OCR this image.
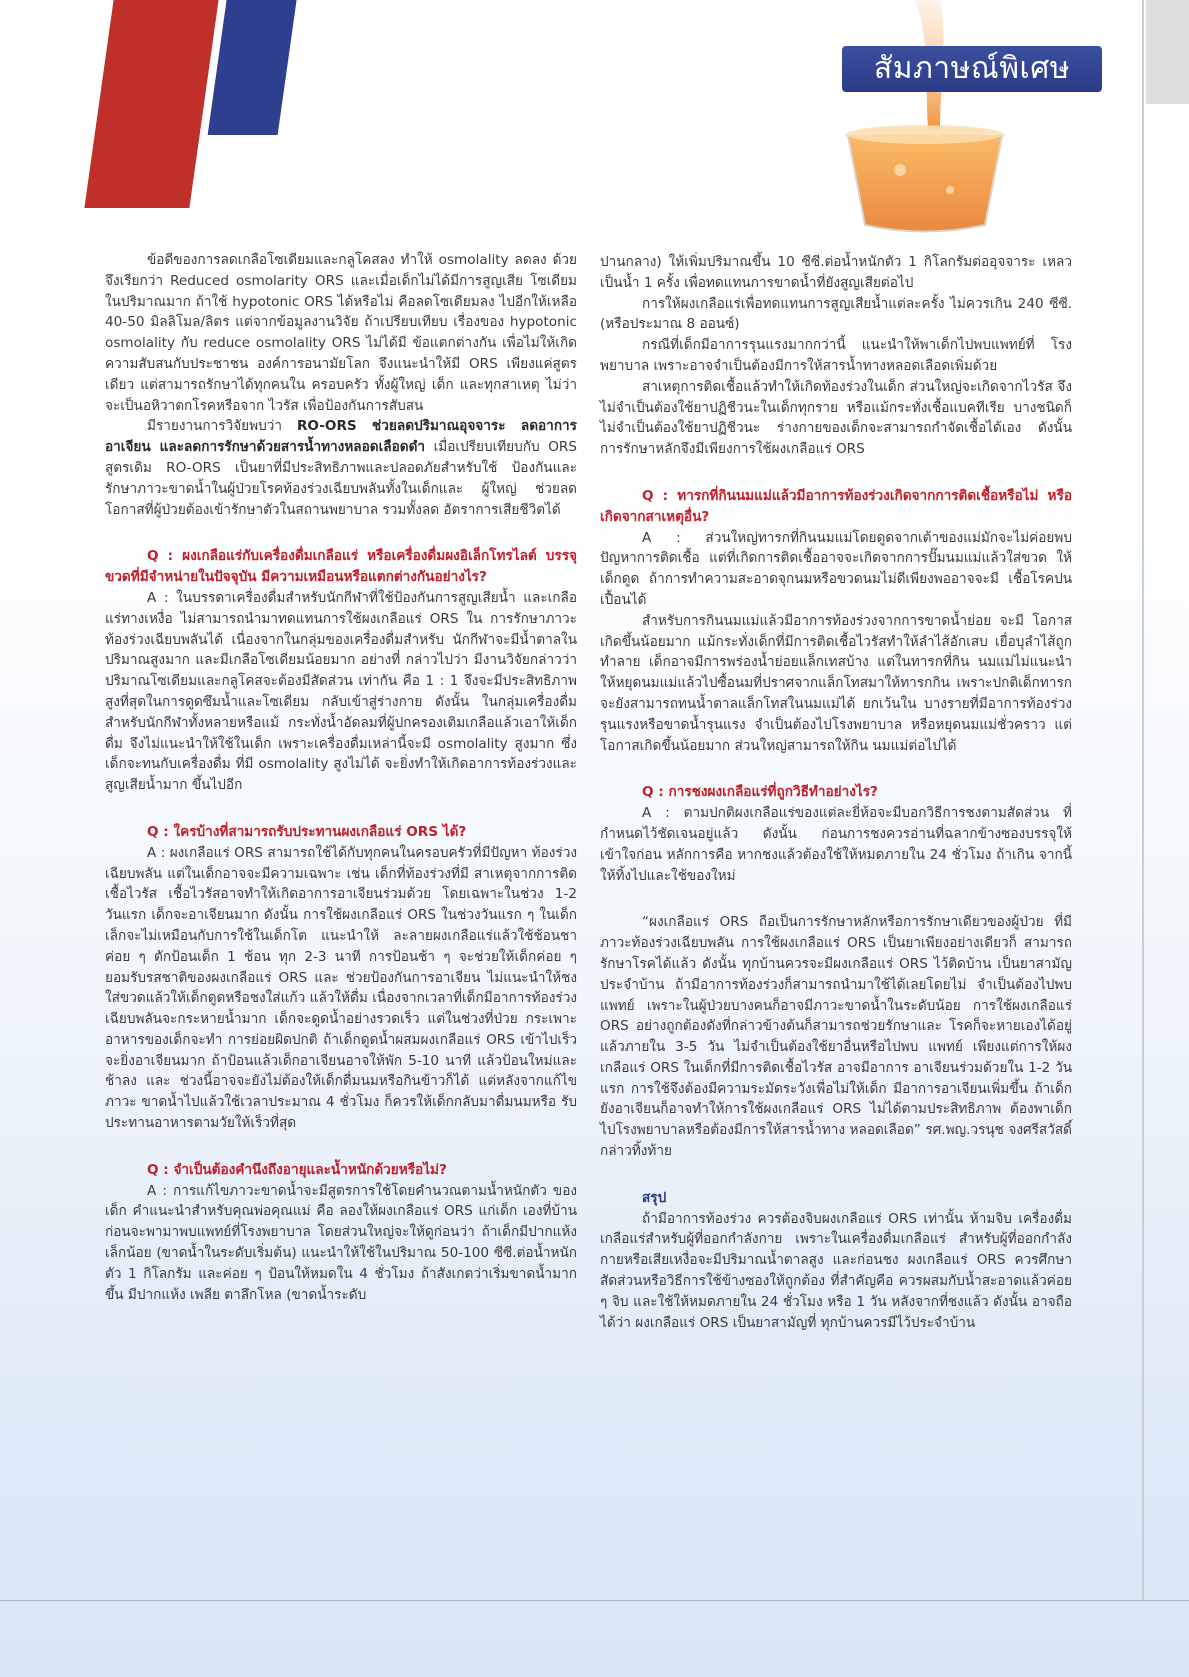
สัมภาษณ์พิเศษ

ข้อดีของการลดเกลือโซเดียมและกลูโคสลง ทำให้ osmolality ลดลง ด้วย จึงเรียกว่า Reduced osmolarity ORS และเมื่อเด็กไม่ได้มีการสูญเสีย โซเดียมในปริมาณมาก ถ้าใช้ hypotonic ORS ได้หรือไม่ คือลดโซเดียมลง ไปอีกให้เหลือ 40-50 มิลลิโมล/ลิตร แต่จากข้อมูลงานวิจัย ถ้าเปรียบเทียบ เรื่องของ hypotonic osmolality กับ reduce osmolality ORS ไม่ได้มี ข้อแตกต่างกัน เพื่อไม่ให้เกิดความสับสนกับประชาชน องค์การอนามัยโลก จึงแนะนำให้มี ORS เพียงแค่สูตรเดียว แต่สามารถรักษาได้ทุกคนใน ครอบครัว ทั้งผู้ใหญ่ เด็ก และทุกสาเหตุ ไม่ว่าจะเป็นอหิวาตกโรคหรือจาก ไวรัส เพื่อป้องกันการสับสน

มีรายงานการวิจัยพบว่า RO-ORS ช่วยลดปริมาณอุจจาระ ลดอาการ อาเจียน และลดการรักษาด้วยสารน้ำทางหลอดเลือดดำ เมื่อเปรียบเทียบกับ ORS สูตรเดิม RO-ORS เป็นยาที่มีประสิทธิภาพและปลอดภัยสำหรับใช้ ป้องกันและรักษาภาวะขาดน้ำในผู้ป่วยโรคท้องร่วงเฉียบพลันทั้งในเด็กและ ผู้ใหญ่ ช่วยลดโอกาสที่ผู้ป่วยต้องเข้ารักษาตัวในสถานพยาบาล รวมทั้งลด อัตราการเสียชีวิตได้

Q : ผงเกลือแร่กับเครื่องดื่มเกลือแร่ หรือเครื่องดื่มผงอิเล็กโทรไลต์ บรรจุขวดที่มีจำหน่ายในปัจจุบัน มีความเหมือนหรือแตกต่างกันอย่างไร?

A : ในบรรดาเครื่องดื่มสำหรับนักกีฬาที่ใช้ป้องกันการสูญเสียน้ำ และเกลือแร่ทางเหงื่อ ไม่สามารถนำมาทดแทนการใช้ผงเกลือแร่ ORS ใน การรักษาภาวะท้องร่วงเฉียบพลันได้ เนื่องจากในกลุ่มของเครื่องดื่มสำหรับ นักกีฬาจะมีน้ำตาลในปริมาณสูงมาก และมีเกลือโซเดียมน้อยมาก อย่างที่ กล่าวไปว่า มีงานวิจัยกล่าวว่า ปริมาณโซเดียมและกลูโคสจะต้องมีสัดส่วน เท่ากัน คือ 1 : 1 จึงจะมีประสิทธิภาพสูงที่สุดในการดูดซึมน้ำและโซเดียม กลับเข้าสู่ร่างกาย ดังนั้น ในกลุ่มเครื่องดื่มสำหรับนักกีฬาทั้งหลายหรือแม้ กระทั่งน้ำอัดลมที่ผู้ปกครองเติมเกลือแล้วเอาให้เด็กดื่ม จึงไม่แนะนำให้ใช้ในเด็ก เพราะเครื่องดื่มเหล่านี้จะมี osmolality สูงมาก ซึ่งเด็กจะทนกับเครื่องดื่ม ที่มี osmolality สูงไม่ได้ จะยิ่งทำให้เกิดอาการท้องร่วงและสูญเสียน้ำมาก ขึ้นไปอีก

Q : ใครบ้างที่สามารถรับประทานผงเกลือแร่ ORS ได้?

A : ผงเกลือแร่ ORS สามารถใช้ได้กับทุกคนในครอบครัวที่มีปัญหา ท้องร่วงเฉียบพลัน แต่ในเด็กอาจจะมีความเฉพาะ เช่น เด็กที่ท้องร่วงที่มี สาเหตุจากการติดเชื้อไวรัส เชื้อไวรัสอาจทำให้เกิดอาการอาเจียนร่วมด้วย โดยเฉพาะในช่วง 1-2 วันแรก เด็กจะอาเจียนมาก ดังนั้น การใช้ผงเกลือแร่ ORS ในช่วงวันแรก ๆ ในเด็กเล็กจะไม่เหมือนกับการใช้ในเด็กโต แนะนำให้ ละลายผงเกลือแร่แล้วใช้ช้อนชาค่อย ๆ ตักป้อนเด็ก 1 ช้อน ทุก 2-3 นาที การป้อนช้า ๆ จะช่วยให้เด็กค่อย ๆ ยอมรับรสชาติของผงเกลือแร่ ORS และ ช่วยป้องกันการอาเจียน ไม่แนะนำให้ชงใส่ขวดแล้วให้เด็กดูดหรือชงใส่แก้ว แล้วให้ดื่ม เนื่องจากเวลาที่เด็กมีอาการท้องร่วงเฉียบพลันจะกระหายน้ำมาก เด็กจะดูดน้ำอย่างรวดเร็ว แต่ในช่วงที่ป่วย กระเพาะอาหารของเด็กจะทำ การย่อยผิดปกติ ถ้าเด็กดูดน้ำผสมผงเกลือแร่ ORS เข้าไปเร็วจะยิ่งอาเจียนมาก ถ้าป้อนแล้วเด็กอาเจียนอาจให้พัก 5-10 นาที แล้วป้อนใหม่และช้าลง และ ช่วงนี้อาจจะยังไม่ต้องให้เด็กดื่มนมหรือกินข้าวก็ได้ แต่หลังจากแก้ไขภาวะ ขาดน้ำไปแล้วใช้เวลาประมาณ 4 ชั่วโมง ก็ควรให้เด็กกลับมาดื่มนมหรือ รับประทานอาหารตามวัยให้เร็วที่สุด

Q : จำเป็นต้องคำนึงถึงอายุและน้ำหนักด้วยหรือไม่?

A : การแก้ไขภาวะขาดน้ำจะมีสูตรการใช้โดยคำนวณตามน้ำหนักตัว ของเด็ก คำแนะนำสำหรับคุณพ่อคุณแม่ คือ ลองให้ผงเกลือแร่ ORS แก่เด็ก เองที่บ้านก่อนจะพามาพบแพทย์ที่โรงพยาบาล โดยส่วนใหญ่จะให้ดูก่อนว่า ถ้าเด็กมีปากแห้งเล็กน้อย (ขาดน้ำในระดับเริ่มต้น) แนะนำให้ใช้ในปริมาณ 50-100 ซีซี.ต่อน้ำหนักตัว 1 กิโลกรัม และค่อย ๆ ป้อนให้หมดใน 4 ชั่วโมง ถ้าสังเกตว่าเริ่มขาดน้ำมากขึ้น มีปากแห้ง เพลีย ตาลึกโหล (ขาดน้ำระดับ

ปานกลาง) ให้เพิ่มปริมาณขึ้น 10 ซีซี.ต่อน้ำหนักตัว 1 กิโลกรัมต่ออุจจาระ เหลวเป็นน้ำ 1 ครั้ง เพื่อทดแทนการขาดน้ำที่ยังสูญเสียต่อไป

การให้ผงเกลือแร่เพื่อทดแทนการสูญเสียน้ำแต่ละครั้ง ไม่ควรเกิน 240 ซีซี. (หรือประมาณ 8 ออนซ์)

กรณีที่เด็กมีอาการรุนแรงมากกว่านี้ แนะนำให้พาเด็กไปพบแพทย์ที่ โรงพยาบาล เพราะอาจจำเป็นต้องมีการให้สารน้ำทางหลอดเลือดเพิ่มด้วย

สาเหตุการติดเชื้อแล้วทำให้เกิดท้องร่วงในเด็ก ส่วนใหญ่จะเกิดจากไวรัส จึงไม่จำเป็นต้องใช้ยาปฏิชีวนะในเด็กทุกราย หรือแม้กระทั่งเชื้อแบคทีเรีย บางชนิดก็ไม่จำเป็นต้องใช้ยาปฏิชีวนะ ร่างกายของเด็กจะสามารถกำจัดเชื้อได้เอง ดังนั้น การรักษาหลักจึงมีเพียงการใช้ผงเกลือแร่ ORS

Q : ทารกที่กินนมแม่แล้วมีอาการท้องร่วงเกิดจากการติดเชื้อหรือไม่ หรือเกิดจากสาเหตุอื่น?

A : ส่วนใหญ่ทารกที่กินนมแม่โดยดูดจากเต้าของแม่มักจะไม่ค่อยพบ ปัญหาการติดเชื้อ แต่ที่เกิดการติดเชื้ออาจจะเกิดจากการปั๊มนมแม่แล้วใส่ขวด ให้เด็กดูด ถ้าการทำความสะอาดจุกนมหรือขวดนมไม่ดีเพียงพออาจจะมี เชื้อโรคปนเปื้อนได้

สำหรับการกินนมแม่แล้วมีอาการท้องร่วงจากการขาดน้ำย่อย จะมี โอกาสเกิดขึ้นน้อยมาก แม้กระทั่งเด็กที่มีการติดเชื้อไวรัสทำให้ลำไส้อักเสบ เยื่อบุลำไส้ถูกทำลาย เด็กอาจมีการพร่องน้ำย่อยแล็กเทสบ้าง แต่ในทารกที่กิน นมแม่ไม่แนะนำให้หยุดนมแม่แล้วไปซื้อนมที่ปราศจากแล็กโทสมาให้ทารกกิน เพราะปกติเด็กทารกจะยังสามารถทนน้ำตาลแล็กโทสในนมแม่ได้ ยกเว้นใน บางรายที่มีอาการท้องร่วงรุนแรงหรือขาดน้ำรุนแรง จำเป็นต้องไปโรงพยาบาล หรือหยุดนมแม่ชั่วคราว แต่โอกาสเกิดขึ้นน้อยมาก ส่วนใหญ่สามารถให้กิน นมแม่ต่อไปได้

Q : การชงผงเกลือแร่ที่ถูกวิธีทำอย่างไร?

A : ตามปกติผงเกลือแร่ของแต่ละยี่ห้อจะมีบอกวิธีการชงตามสัดส่วน ที่กำหนดไว้ชัดเจนอยู่แล้ว ดังนั้น ก่อนการชงควรอ่านที่ฉลากข้างซองบรรจุให้ เข้าใจก่อน หลักการคือ หากชงแล้วต้องใช้ให้หมดภายใน 24 ชั่วโมง ถ้าเกิน จากนี้ให้ทิ้งไปและใช้ของใหม่

“ผงเกลือแร่ ORS ถือเป็นการรักษาหลักหรือการรักษาเดียวของผู้ป่วย ที่มีภาวะท้องร่วงเฉียบพลัน การใช้ผงเกลือแร่ ORS เป็นยาเพียงอย่างเดียวก็ สามารถรักษาโรคได้แล้ว ดังนั้น ทุกบ้านควรจะมีผงเกลือแร่ ORS ไว้ติดบ้าน เป็นยาสามัญประจำบ้าน ถ้ามีอาการท้องร่วงก็สามารถนำมาใช้ได้เลยโดยไม่ จำเป็นต้องไปพบแพทย์ เพราะในผู้ป่วยบางคนก็อาจมีภาวะขาดน้ำในระดับน้อย การใช้ผงเกลือแร่ ORS อย่างถูกต้องดังที่กล่าวข้างต้นก็สามารถช่วยรักษาและ โรคก็จะหายเองได้อยู่แล้วภายใน 3-5 วัน ไม่จำเป็นต้องใช้ยาอื่นหรือไปพบ แพทย์ เพียงแต่การให้ผงเกลือแร่ ORS ในเด็กที่มีการติดเชื้อไวรัส อาจมีอาการ อาเจียนร่วมด้วยใน 1-2 วันแรก การใช้จึงต้องมีความระมัดระวังเพื่อไม่ให้เด็ก มีอาการอาเจียนเพิ่มขึ้น ถ้าเด็กยังอาเจียนก็อาจทำให้การใช้ผงเกลือแร่ ORS ไม่ได้ตามประสิทธิภาพ ต้องพาเด็กไปโรงพยาบาลหรือต้องมีการให้สารน้ำทาง หลอดเลือด” รศ.พญ.วรนุช จงศรีสวัสดิ์ กล่าวทิ้งท้าย

สรุป

ถ้ามีอาการท้องร่วง ควรต้องจิบผงเกลือแร่ ORS เท่านั้น ห้ามจิบ เครื่องดื่มเกลือแร่สำหรับผู้ที่ออกกำลังกาย เพราะในเครื่องดื่มเกลือแร่ สำหรับผู้ที่ออกกำลังกายหรือเสียเหงื่อจะมีปริมาณน้ำตาลสูง และก่อนชง ผงเกลือแร่ ORS ควรศึกษาสัดส่วนหรือวิธีการใช้ข้างซองให้ถูกต้อง ที่สำคัญคือ ควรผสมกับน้ำสะอาดแล้วค่อย ๆ จิบ และใช้ให้หมดภายใน 24 ชั่วโมง หรือ 1 วัน หลังจากที่ชงแล้ว ดังนั้น อาจถือได้ว่า ผงเกลือแร่ ORS เป็นยาสามัญที่ ทุกบ้านควรมีไว้ประจำบ้าน
